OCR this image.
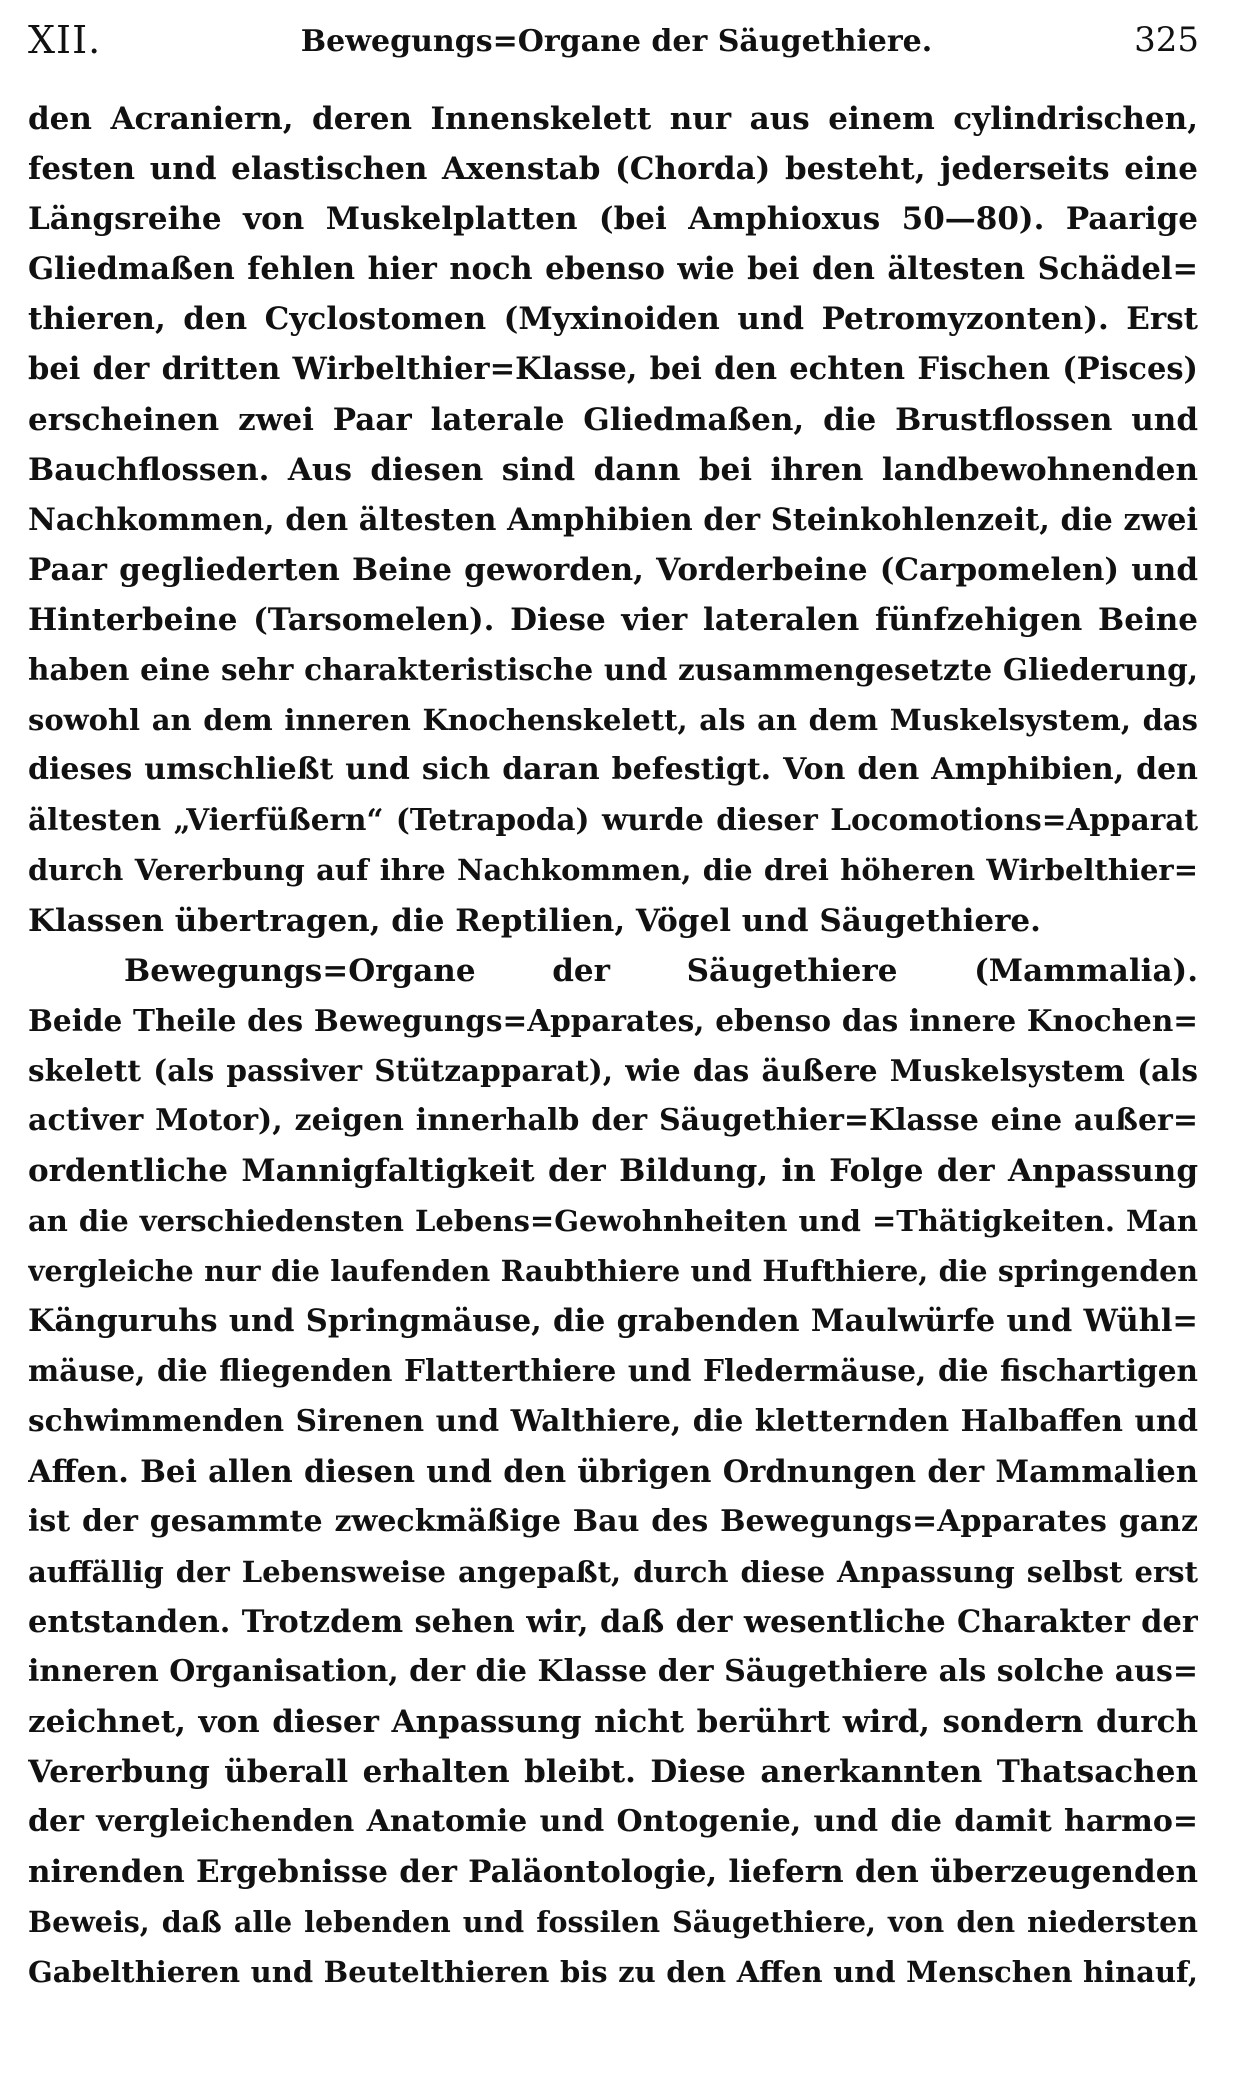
XII.	Bewegungs=Organe der Säugethiere.	325
den Acraniern, deren Innenskelett nur aus einem cylindrischen,
festen und elastischen Axenstab (Chorda) besteht, jederseits eine
Längsreihe von Muskelplatten (bei Amphioxus 50—80). Paarige
Gliedmaßen fehlen hier noch ebenso wie bei den ältesten Schädel=
thieren, den Cyclostomen (Myxinoiden und Petromyzonten). Erst
bei der dritten Wirbelthier=Klasse, bei den echten Fischen (Pisces)
erscheinen zwei Paar laterale Gliedmaßen, die Brustflossen und
Bauchflossen. Aus diesen sind dann bei ihren landbewohnenden
Nachkommen, den ältesten Amphibien der Steinkohlenzeit, die zwei
Paar gegliederten Beine geworden, Vorderbeine (Carpomelen) und
Hinterbeine (Tarsomelen). Diese vier lateralen fünfzehigen Beine
haben eine sehr charakteristische und zusammengesetzte Gliederung,
sowohl an dem inneren Knochenskelett, als an dem Muskelsystem, das
dieses umschließt und sich daran befestigt. Von den Amphibien, den
ältesten „Vierfüßern“ (Tetrapoda) wurde dieser Locomotions=Apparat
durch Vererbung auf ihre Nachkommen, die drei höheren Wirbelthier=
Klassen übertragen, die Reptilien, Vögel und Säugethiere.
Bewegungs=Organe der Säugethiere (Mammalia).
Beide Theile des Bewegungs=Apparates, ebenso das innere Knochen=
skelett (als passiver Stützapparat), wie das äußere Muskelsystem (als
activer Motor), zeigen innerhalb der Säugethier=Klasse eine außer=
ordentliche Mannigfaltigkeit der Bildung, in Folge der Anpassung
an die verschiedensten Lebens=Gewohnheiten und =Thätigkeiten. Man
vergleiche nur die laufenden Raubthiere und Hufthiere, die springenden
Känguruhs und Springmäuse, die grabenden Maulwürfe und Wühl=
mäuse, die fliegenden Flatterthiere und Fledermäuse, die fischartigen
schwimmenden Sirenen und Walthiere, die kletternden Halbaffen und
Affen. Bei allen diesen und den übrigen Ordnungen der Mammalien
ist der gesammte zweckmäßige Bau des Bewegungs=Apparates ganz
auffällig der Lebensweise angepaßt, durch diese Anpassung selbst erst
entstanden. Trotzdem sehen wir, daß der wesentliche Charakter der
inneren Organisation, der die Klasse der Säugethiere als solche aus=
zeichnet, von dieser Anpassung nicht berührt wird, sondern durch
Vererbung überall erhalten bleibt. Diese anerkannten Thatsachen
der vergleichenden Anatomie und Ontogenie, und die damit harmo=
nirenden Ergebnisse der Paläontologie, liefern den überzeugenden
Beweis, daß alle lebenden und fossilen Säugethiere, von den niedersten
Gabelthieren und Beutelthieren bis zu den Affen und Menschen hinauf,
